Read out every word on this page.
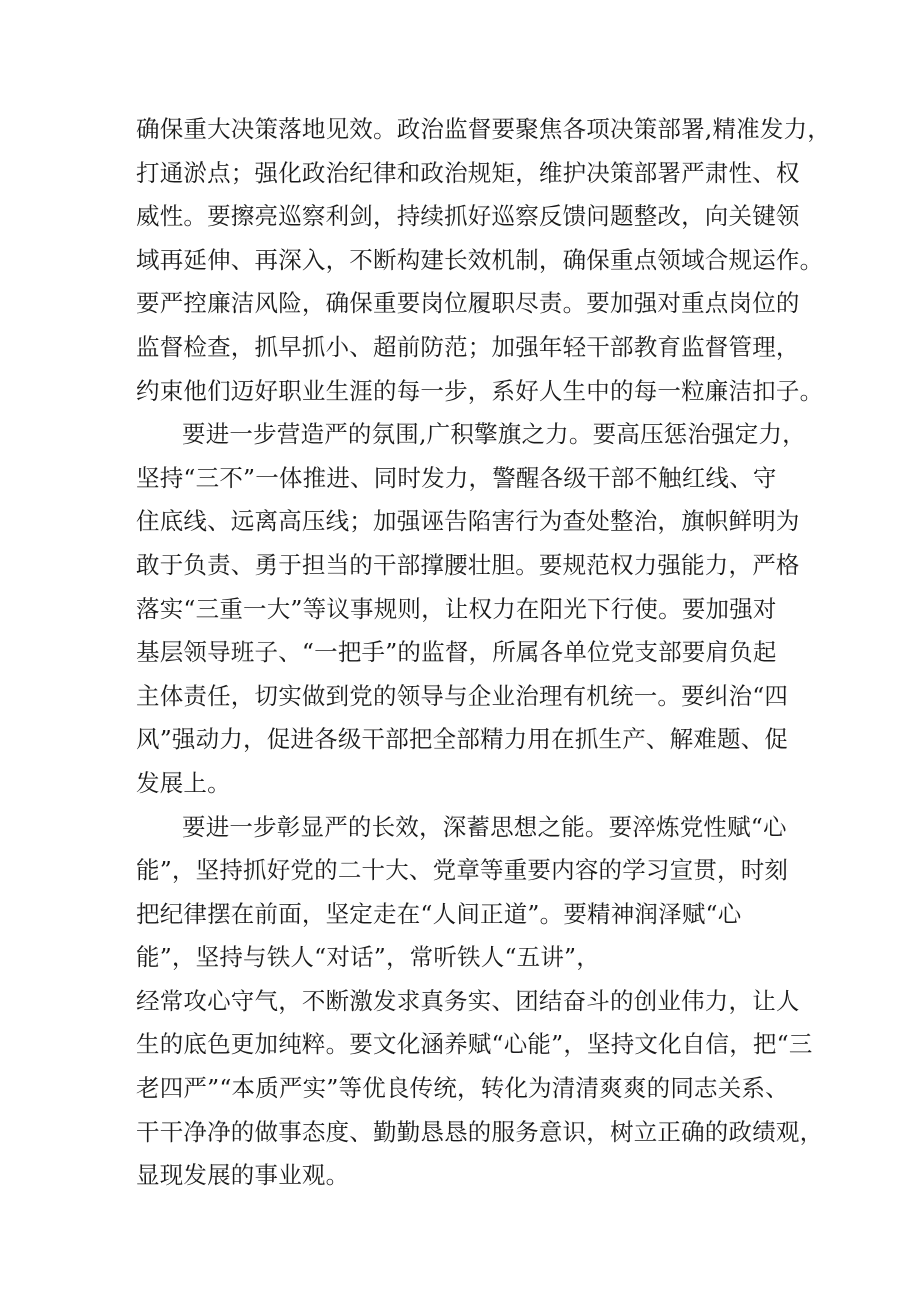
确保重大决策落地见效。政治监督要聚焦各项决策部署,精准发力，
打通淤点；强化政治纪律和政治规矩，维护决策部署严肃性、权
威性。要擦亮巡察利剑，持续抓好巡察反馈问题整改，向关键领
域再延伸、再深入，不断构建长效机制，确保重点领域合规运作。
要严控廉洁风险，确保重要岗位履职尽责。要加强对重点岗位的
监督检查，抓早抓小、超前防范；加强年轻干部教育监督管理，
约束他们迈好职业生涯的每一步，系好人生中的每一粒廉洁扣子。
要进一步营造严的氛围,广积擎旗之力。要高压惩治强定力，
坚持“三不”一体推进、同时发力，警醒各级干部不触红线、守
住底线、远离高压线；加强诬告陷害行为查处整治，旗帜鲜明为
敢于负责、勇于担当的干部撑腰壮胆。要规范权力强能力，严格
落实“三重一大”等议事规则，让权力在阳光下行使。要加强对
基层领导班子、“一把手”的监督，所属各单位党支部要肩负起
主体责任，切实做到党的领导与企业治理有机统一。要纠治“四
风”强动力，促进各级干部把全部精力用在抓生产、解难题、促
发展上。
要进一步彰显严的长效，深蓄思想之能。要淬炼党性赋“心
能”，坚持抓好党的二十大、党章等重要内容的学习宣贯，时刻
把纪律摆在前面，坚定走在“人间正道”。要精神润泽赋“心
能”，坚持与铁人“对话”，常听铁人“五讲”，
经常攻心守气，不断激发求真务实、团结奋斗的创业伟力，让人
生的底色更加纯粹。要文化涵养赋“心能”，坚持文化自信，把“三
老四严”“本质严实”等优良传统，转化为清清爽爽的同志关系、
干干净净的做事态度、勤勤恳恳的服务意识，树立正确的政绩观，
显现发展的事业观。
